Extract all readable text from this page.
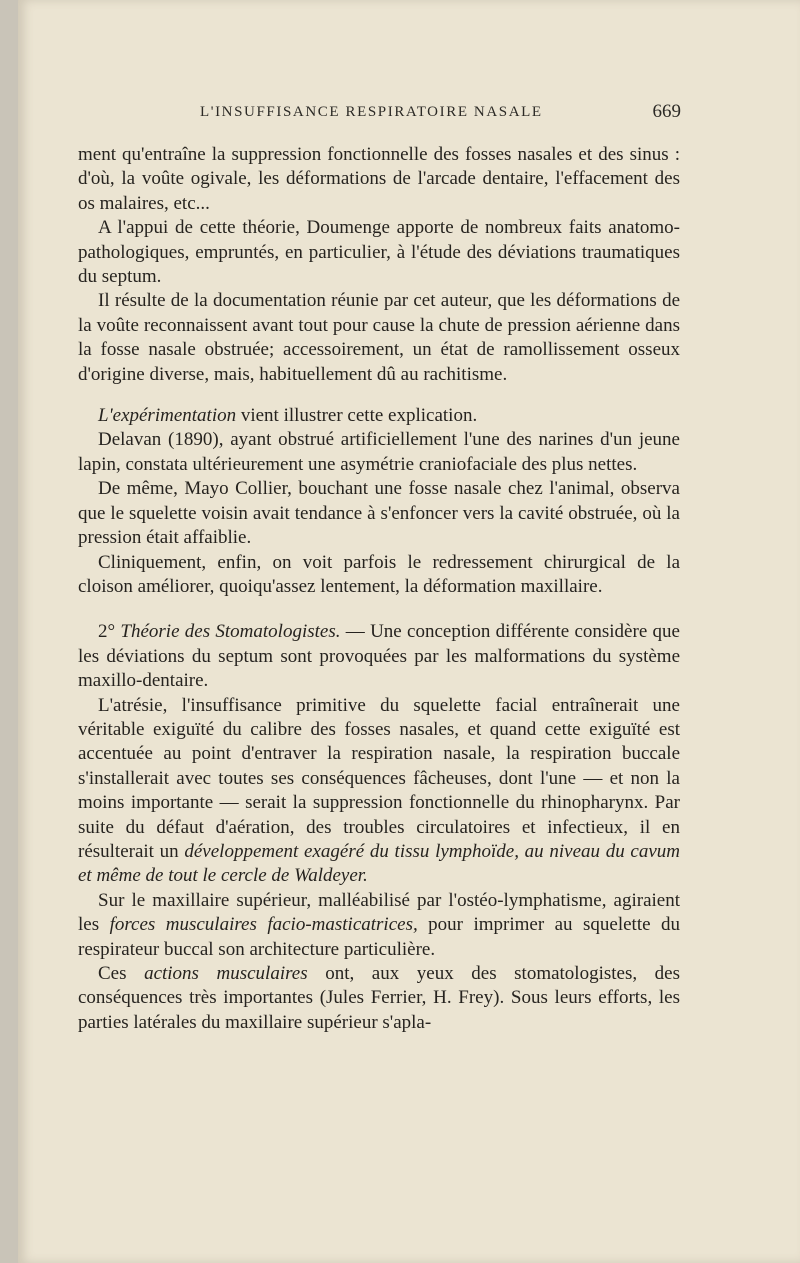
L'INSUFFISANCE RESPIRATOIRE NASALE	669

ment qu'entraîne la suppression fonctionnelle des fosses nasales et des sinus : d'où, la voûte ogivale, les déformations de l'arcade dentaire, l'effacement des os malaires, etc...

A l'appui de cette théorie, Doumenge apporte de nombreux faits anatomo-pathologiques, empruntés, en particulier, à l'étude des déviations traumatiques du septum.

Il résulte de la documentation réunie par cet auteur, que les déformations de la voûte reconnaissent avant tout pour cause la chute de pression aérienne dans la fosse nasale obstruée; accessoirement, un état de ramollissement osseux d'origine diverse, mais, habituellement dû au rachitisme.

L'expérimentation vient illustrer cette explication.

Delavan (1890), ayant obstrué artificiellement l'une des narines d'un jeune lapin, constata ultérieurement une asymétrie craniofaciale des plus nettes.

De même, Mayo Collier, bouchant une fosse nasale chez l'animal, observa que le squelette voisin avait tendance à s'enfoncer vers la cavité obstruée, où la pression était affaiblie.

Cliniquement, enfin, on voit parfois le redressement chirurgical de la cloison améliorer, quoiqu'assez lentement, la déformation maxillaire.

2° Théorie des Stomatologistes. — Une conception différente considère que les déviations du septum sont provoquées par les malformations du système maxillo-dentaire.

L'atrésie, l'insuffisance primitive du squelette facial entraînerait une véritable exiguïté du calibre des fosses nasales, et quand cette exiguïté est accentuée au point d'entraver la respiration nasale, la respiration buccale s'installerait avec toutes ses conséquences fâcheuses, dont l'une — et non la moins importante — serait la suppression fonctionnelle du rhinopharynx. Par suite du défaut d'aération, des troubles circulatoires et infectieux, il en résulterait un développement exagéré du tissu lymphoïde, au niveau du cavum et même de tout le cercle de Waldeyer.

Sur le maxillaire supérieur, malléabilisé par l'ostéo-lymphatisme, agiraient les forces musculaires facio-masticatrices, pour imprimer au squelette du respirateur buccal son architecture particulière.

Ces actions musculaires ont, aux yeux des stomatologistes, des conséquences très importantes (Jules Ferrier, H. Frey). Sous leurs efforts, les parties latérales du maxillaire supérieur s'apla-
